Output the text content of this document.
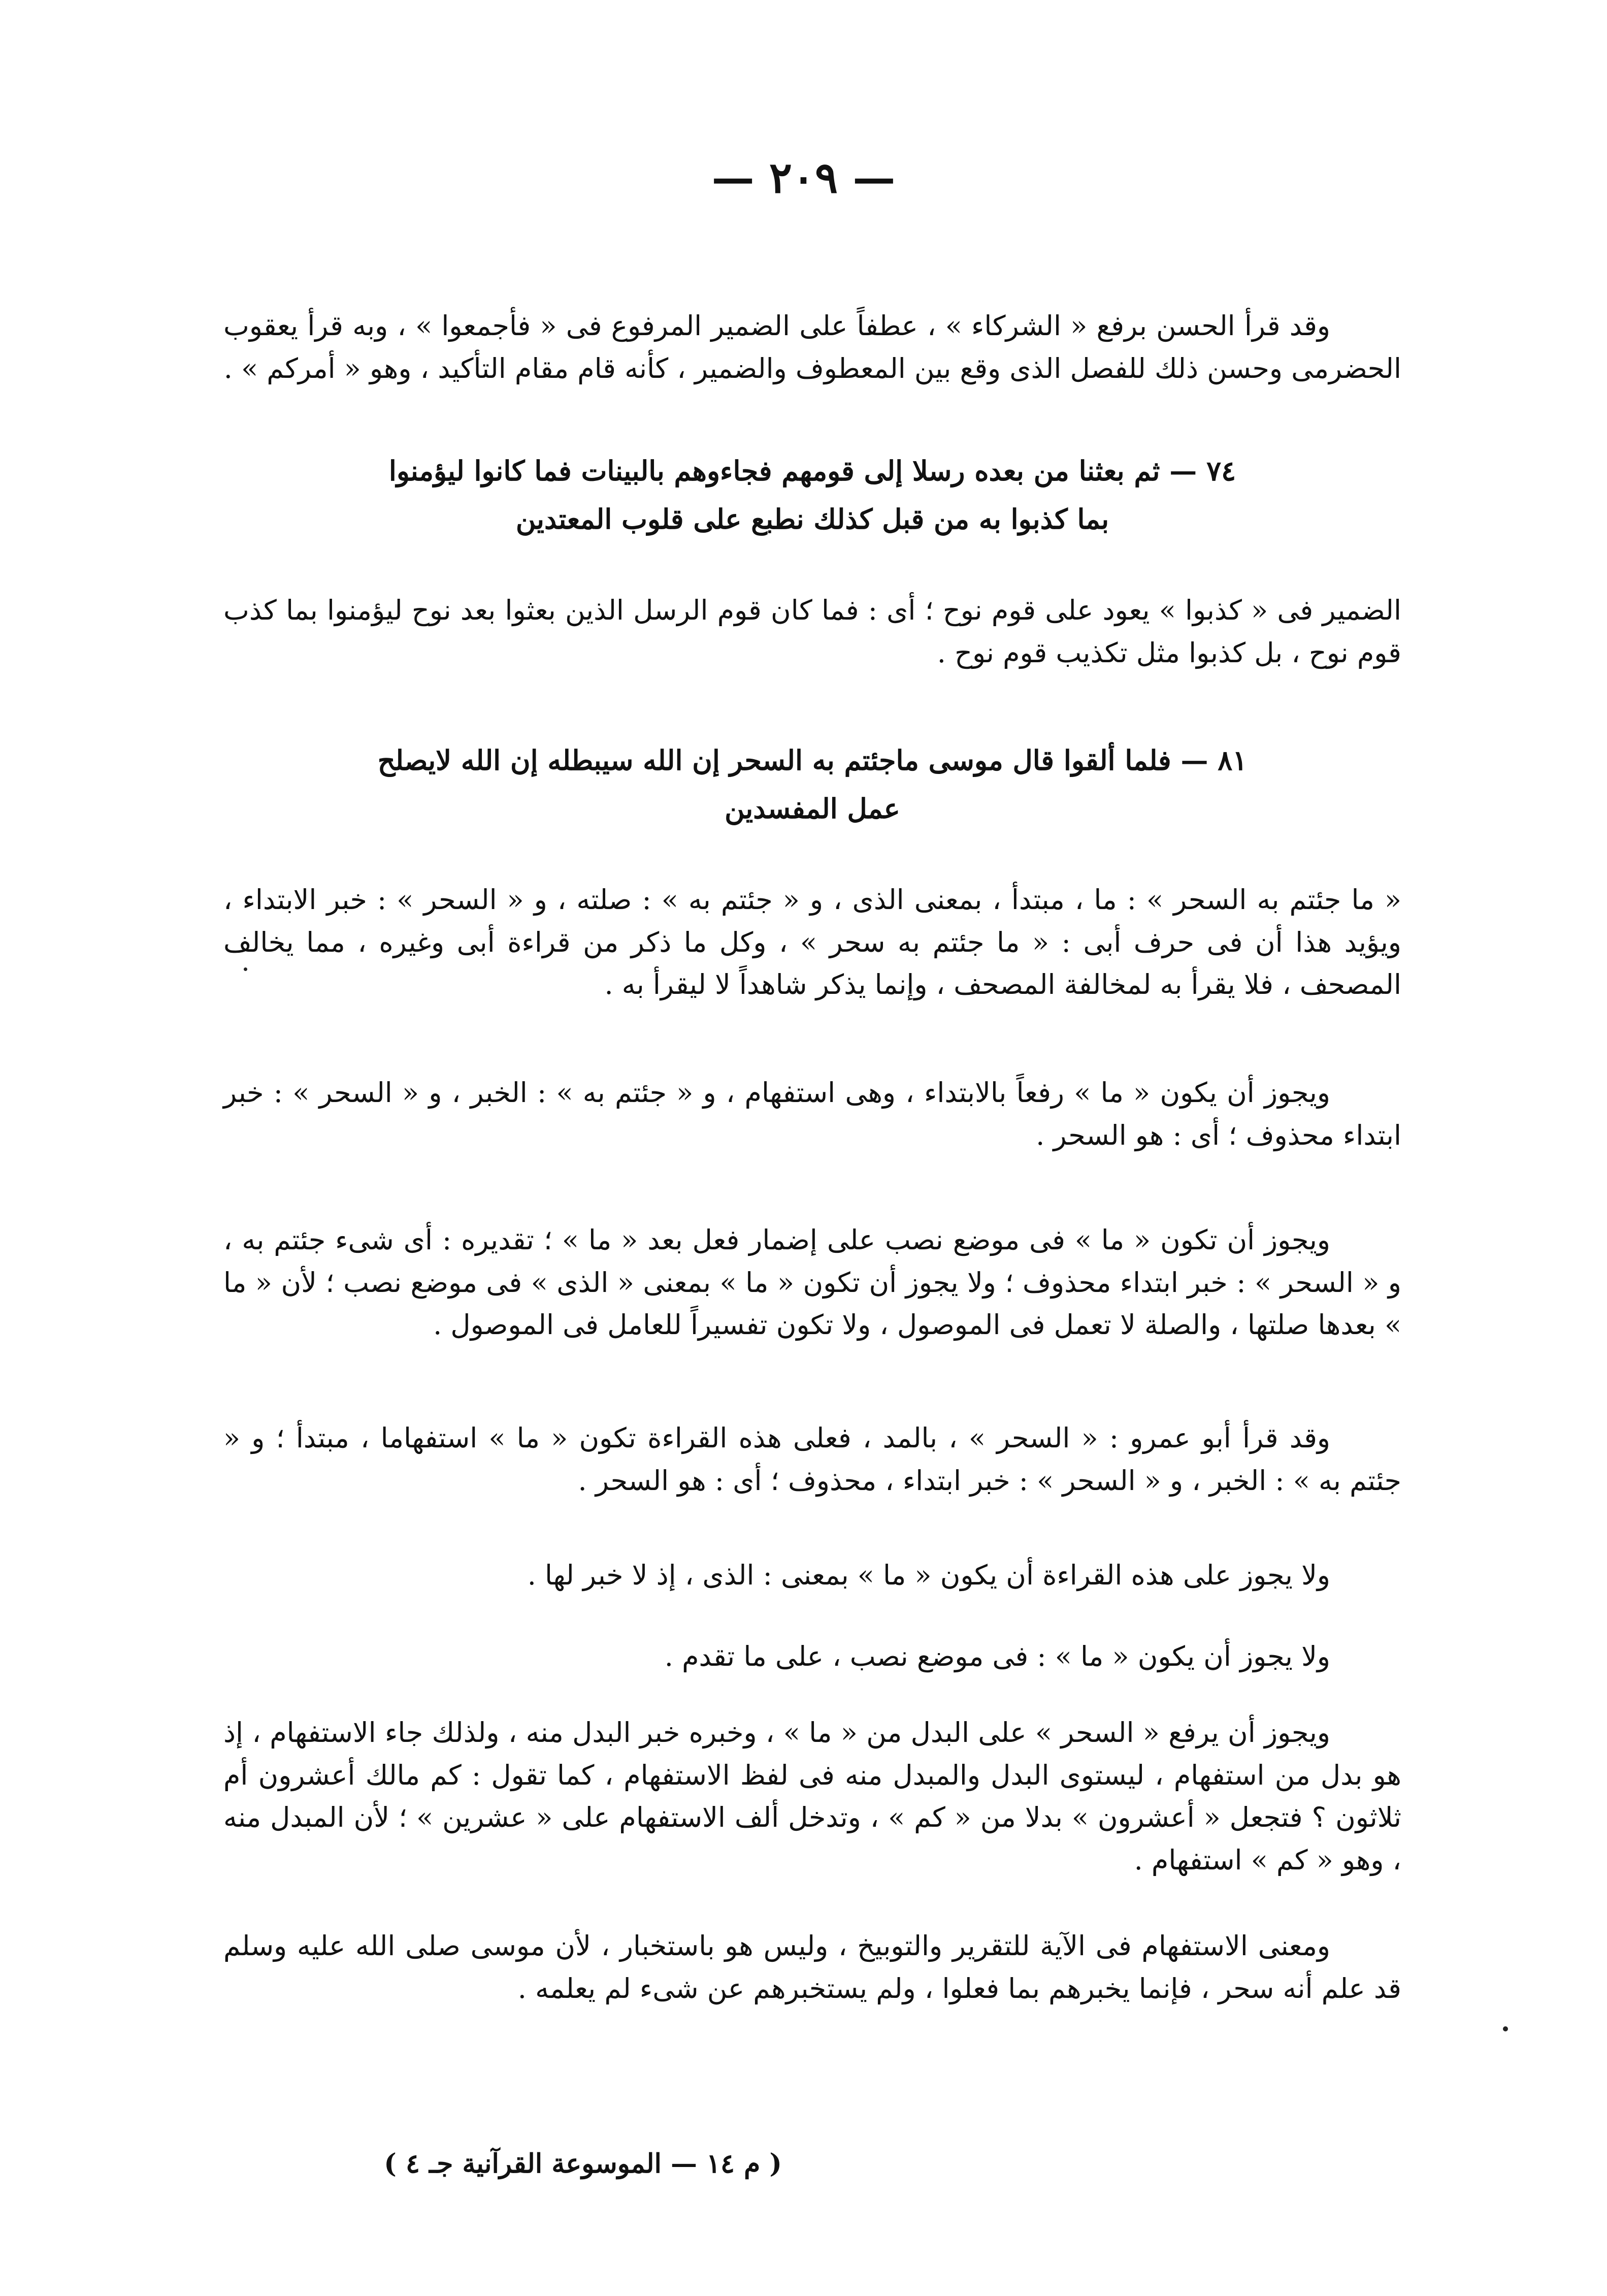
— ٢٠٩ —

وقد قرأ الحسن برفع « الشركاء » ، عطفاً على الضمير المرفوع فى « فأجمعوا » ، وبه قرأ يعقوب الحضرمى وحسن ذلك للفصل الذى وقع بين المعطوف والضمير ، كأنه قام مقام التأكيد ، وهو « أمركم » .

٧٤ — ثم بعثنا من بعده رسلا إلى قومهم فجاءوهم بالبينات فما كانوا ليؤمنوا
بما كذبوا به من قبل كذلك نطبع على قلوب المعتدين

الضمير فى « كذبوا » يعود على قوم نوح ؛ أى : فما كان قوم الرسل الذين بعثوا بعد نوح ليؤمنوا بما كذب قوم نوح ، بل كذبوا مثل تكذيب قوم نوح .

٨١ — فلما ألقوا قال موسى ماجئتم به السحر إن الله سيبطله إن الله لايصلح
عمل المفسدين

« ما جئتم به السحر » : ما ، مبتدأ ، بمعنى الذى ، و « جئتم به » : صلته ، و « السحر » : خبر الابتداء ، ويؤيد هذا أن فى حرف أبى : « ما جئتم به سحر » ، وكل ما ذكر من قراءة أبى وغيره ، مما يخالف المصحف ، فلا يقرأ به لمخالفة المصحف ، وإنما يذكر شاهداً لا ليقرأ به .

ويجوز أن يكون « ما » رفعاً بالابتداء ، وهى استفهام ، و « جئتم به » : الخبر ، و « السحر » : خبر ابتداء محذوف ؛ أى : هو السحر .

ويجوز أن تكون « ما » فى موضع نصب على إضمار فعل بعد « ما » ؛ تقديره : أى شىء جئتم به ، و « السحر » : خبر ابتداء محذوف ؛ ولا يجوز أن تكون « ما » بمعنى « الذى » فى موضع نصب ؛ لأن « ما » بعدها صلتها ، والصلة لا تعمل فى الموصول ، ولا تكون تفسيراً للعامل فى الموصول .

وقد قرأ أبو عمرو : « السحر » ، بالمد ، فعلى هذه القراءة تكون « ما » استفهاما ، مبتدأ ؛ و « جئتم به » : الخبر ، و « السحر » : خبر ابتداء ، محذوف ؛ أى : هو السحر .

ولا يجوز على هذه القراءة أن يكون « ما » بمعنى : الذى ، إذ لا خبر لها .

ولا يجوز أن يكون « ما » : فى موضع نصب ، على ما تقدم .

ويجوز أن يرفع « السحر » على البدل من « ما » ، وخبره خبر البدل منه ، ولذلك جاء الاستفهام ، إذ هو بدل من استفهام ، ليستوى البدل والمبدل منه فى لفظ الاستفهام ، كما تقول : كم مالك أعشرون أم ثلاثون ؟ فتجعل « أعشرون » بدلا من « كم » ، وتدخل ألف الاستفهام على « عشرين » ؛ لأن المبدل منه ، وهو « كم » استفهام .

ومعنى الاستفهام فى الآية للتقرير والتوبيخ ، وليس هو باستخبار ، لأن موسى صلى الله عليه وسلم قد علم أنه سحر ، فإنما يخبرهم بما فعلوا ، ولم يستخبرهم عن شىء لم يعلمه .

( م ١٤ — الموسوعة القرآنية جـ ٤ )
